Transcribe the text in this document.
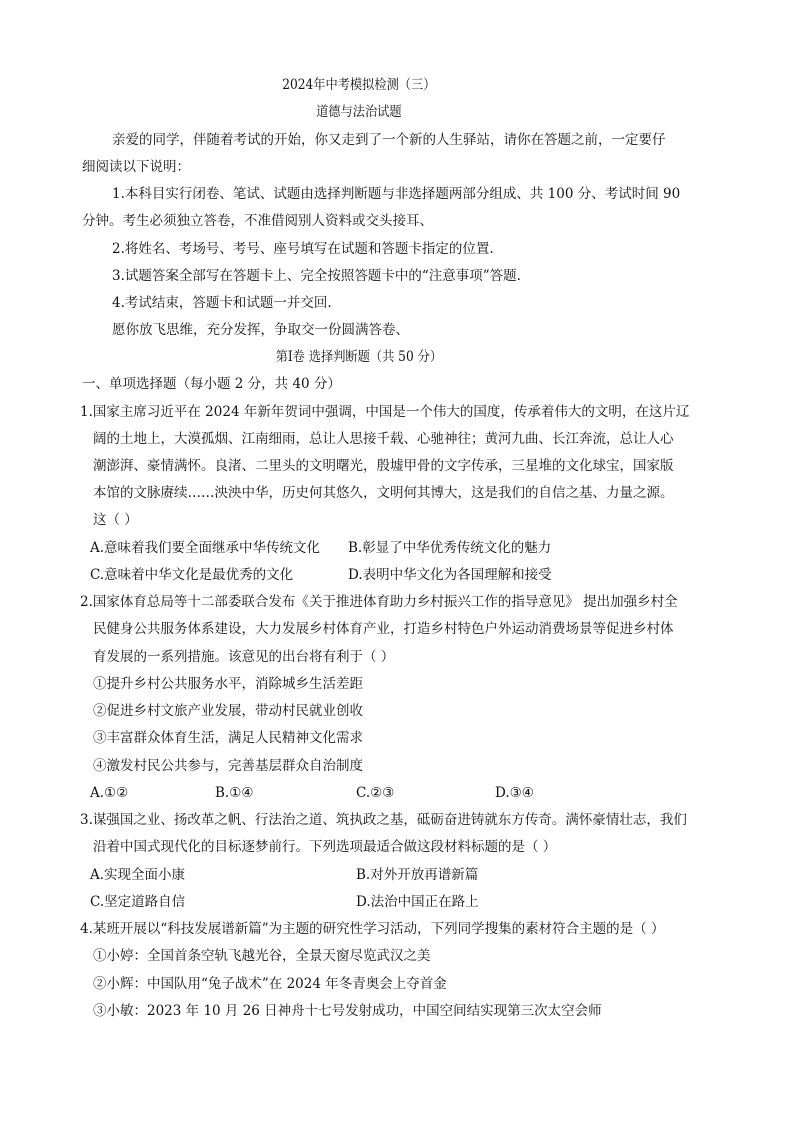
2024年中考模拟检测（三）
道德与法治试题
亲爱的同学，伴随着考试的开始，你又走到了一个新的人生驿站，请你在答题之前，一定要仔
细阅读以下说明：
1.本科目实行闭卷、笔试、试题由选择判断题与非选择题两部分组成、共 100 分、考试时间 90
分钟。考生必须独立答卷，不准借阅别人资料或交头接耳、
2.将姓名、考场号、考号、座号填写在试题和答题卡指定的位置.
3.试题答案全部写在答题卡上、完全按照答题卡中的“注意事项”答题.
4.考试结束，答题卡和试题一并交回.
愿你放飞思维，充分发挥，争取交一份圆满答卷、
第Ⅰ卷 选择判断题（共 50 分）
一、单项选择题（每小题 2 分，共 40 分）
1.国家主席习近平在 2024 年新年贺词中强调，中国是一个伟大的国度，传承着伟大的文明，在这片辽
阔的土地上，大漠孤烟、江南细雨，总让人思接千载、心驰神往；黄河九曲、长江奔流，总让人心
潮澎湃、豪情满怀。良渚、二里头的文明曙光，殷墟甲骨的文字传承，三星堆的文化球宝，国家版
本馆的文脉赓续……泱泱中华，历史何其悠久，文明何其博大，这是我们的自信之基、力量之源。
这（ ）
A.意味着我们要全面继承中华传统文化 B.彰显了中华优秀传统文化的魅力
C.意味着中华文化是最优秀的文化	D.表明中华文化为各国理解和接受
2.国家体育总局等十二部委联合发布《关于推进体育助力乡村振兴工作的指导意见》 提出加强乡村全
民健身公共服务体系建设，大力发展乡村体育产业，打造乡村特色户外运动消费场景等促进乡村体
育发展的一系列措施。该意见的出台将有利于（ ）
①提升乡村公共服务水平，消除城乡生活差距
②促进乡村文旅产业发展，带动村民就业创收
③丰富群众体育生活，满足人民精神文化需求
④激发村民公共参与，完善基层群众自治制度
A.①②	B.①④	C.②③	D.③④
3.谋强国之业、扬改革之帆、行法治之道、筑执政之基，砥砺奋进铸就东方传奇。满怀豪情壮志，我们
沿着中国式现代化的目标逐梦前行。下列选项最适合做这段材料标题的是（ ）
A.实现全面小康	B.对外开放再谱新篇
C.坚定道路自信	D.法治中国正在路上
4.某班开展以“科技发展谱新篇”为主题的研究性学习活动，下列同学搜集的素材符合主题的是（ ）
①小婷：全国首条空轨飞越光谷，全景天窗尽览武汉之美
②小辉：中国队用“兔子战术”在 2024 年冬青奥会上夺首金
③小敏：2023 年 10 月 26 日神舟十七号发射成功，中国空间结实现第三次太空会师
